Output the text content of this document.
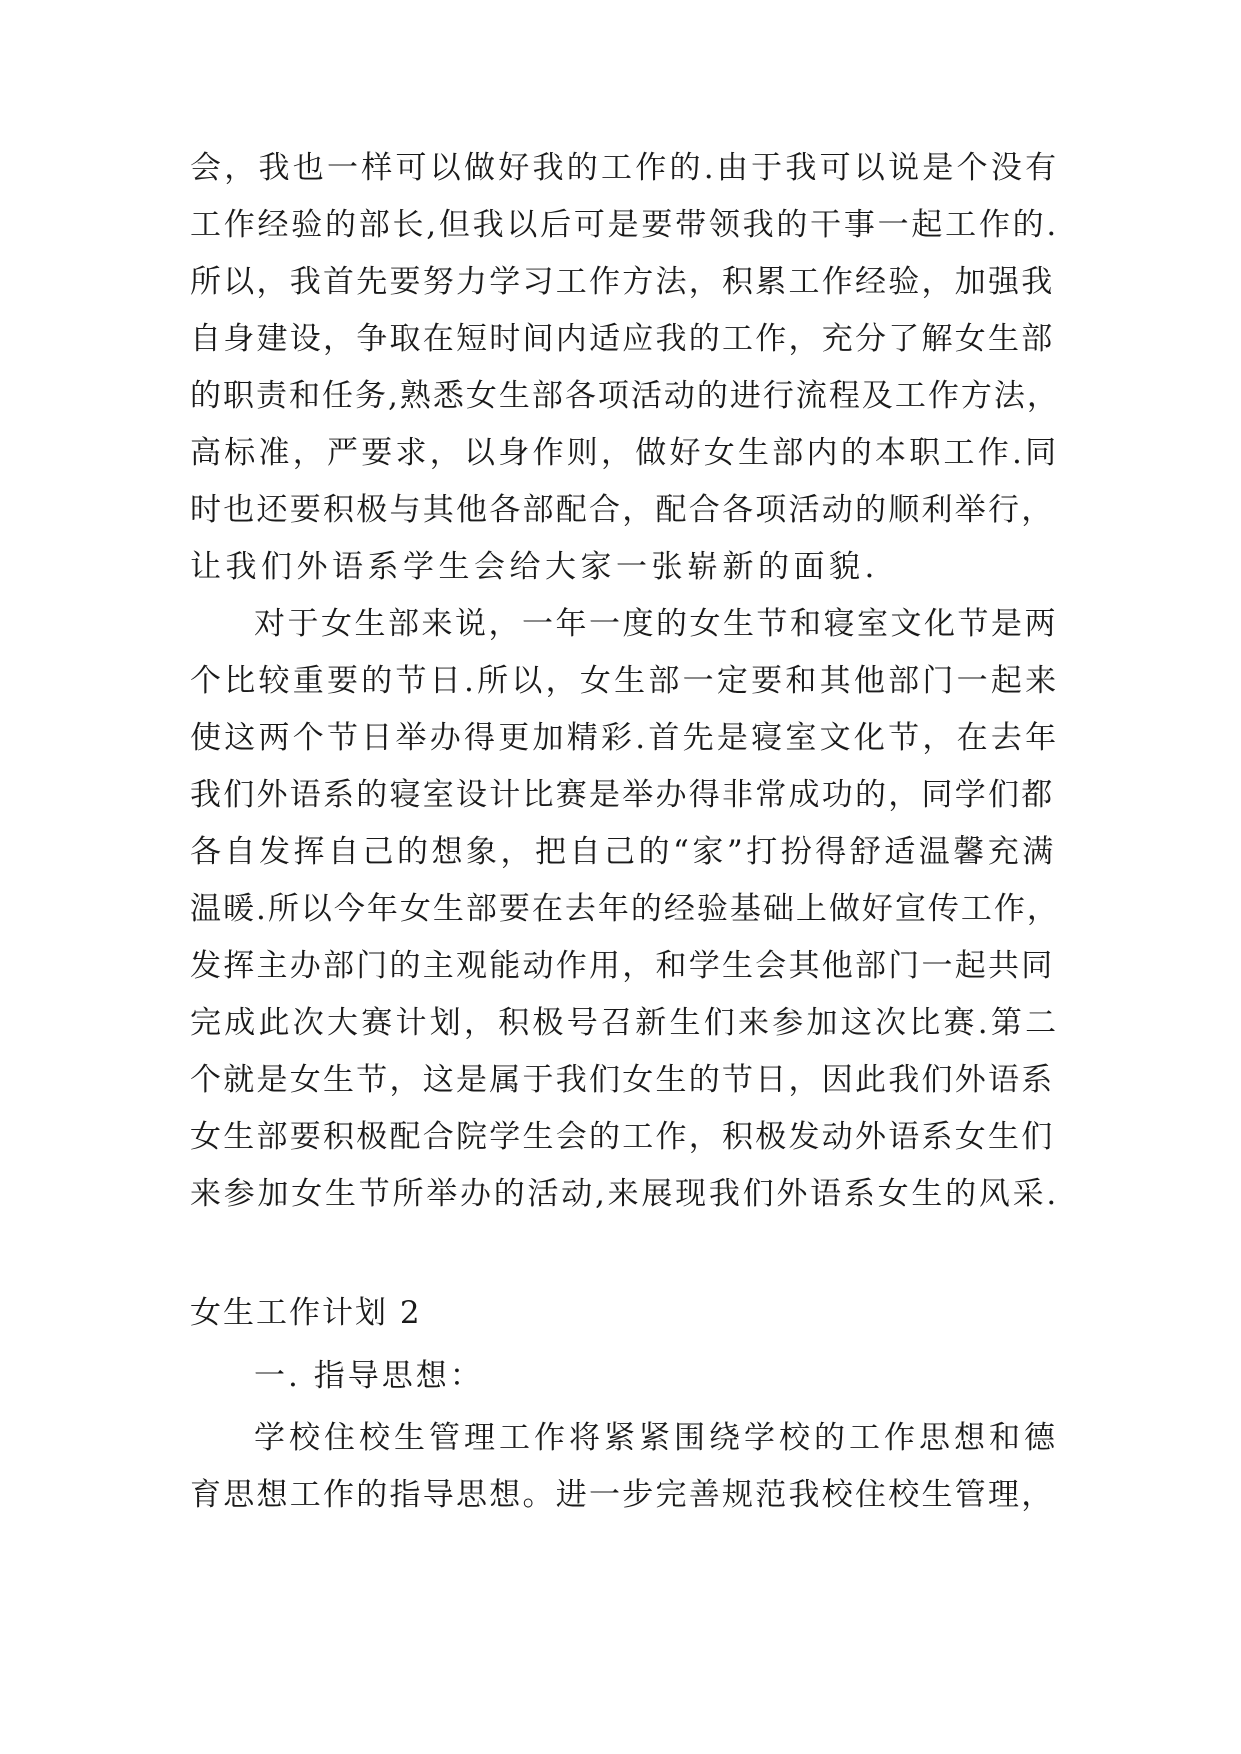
会，我也一样可以做好我的工作的.由于我可以说是个没有
工作经验的部长,但我以后可是要带领我的干事一起工作的.
所以，我首先要努力学习工作方法，积累工作经验，加强我
自身建设，争取在短时间内适应我的工作，充分了解女生部
的职责和任务,熟悉女生部各项活动的进行流程及工作方法，
高标准，严要求，以身作则，做好女生部内的本职工作.同
时也还要积极与其他各部配合，配合各项活动的顺利举行，
让我们外语系学生会给大家一张崭新的面貌.
对于女生部来说，一年一度的女生节和寝室文化节是两
个比较重要的节日.所以，女生部一定要和其他部门一起来
使这两个节日举办得更加精彩.首先是寝室文化节，在去年
我们外语系的寝室设计比赛是举办得非常成功的，同学们都
各自发挥自己的想象，把自己的“家”打扮得舒适温馨充满
温暖.所以今年女生部要在去年的经验基础上做好宣传工作，
发挥主办部门的主观能动作用，和学生会其他部门一起共同
完成此次大赛计划，积极号召新生们来参加这次比赛.第二
个就是女生节，这是属于我们女生的节日，因此我们外语系
女生部要积极配合院学生会的工作，积极发动外语系女生们
来参加女生节所举办的活动,来展现我们外语系女生的风采.
女生工作计划 2
一. 指导思想：
学校住校生管理工作将紧紧围绕学校的工作思想和德
育思想工作的指导思想。进一步完善规范我校住校生管理，
